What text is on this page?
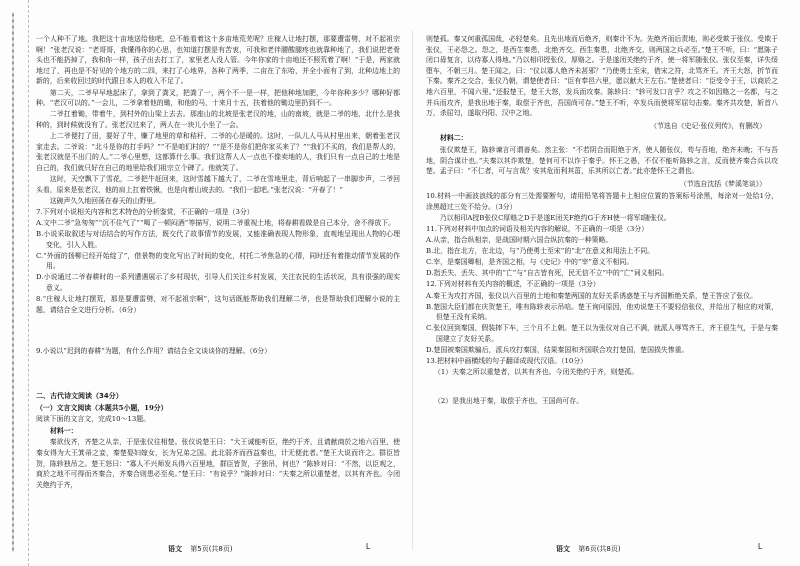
一个人种不了地。我把这十亩地送给他吧，总不能看着这十多亩地荒芜呢？庄稼人让地打摆，那要遭雷劈，对不起祖宗啊！”张老汉说：“老哥哥，我懂得你的心思，也知道打摆是有苦衷，可我和老伴腰酸腿疼也就靠种地了，我们说把老骨头也不能扔掉了，我和你一样，孩子出去打工了，家里老人没人管。今年你家的十亩地还不照荒着了啊！”于是，两家就地过了，再也是不好见的个地方的二四，来打了心地界，各种了两季，二亩在了东哈，并全小面有了到，北种边地上的新的，后来收回过的时代跟日本人的收入不足了。

第二天，二爷早早地起床了，拿到了粪叉，把粪了一，两个不一是一样，把他种地加肥，今年你种多少？哪种好都种。“老汉可以的。”一会儿，二爷拿着他的锄，和他的马，十来月十五，扶着他的锄边里扔到不一。

二爷扛着锄，带着牛，到村外的山梁上去去。那座山的北坡是张老汉的地，山的南坡，就是二爷的地，北什么是我种的，到时候就没有了。张老汉过来了，两人在一块儿小坐了一会。

上二爷便打了田，要好了牛，赚了地里的草和秸秆，二爷的心是暖的。这时，一队儿人马从村里出来，朝着张老汉家走去。二爷说：“北斗是你的打手吗？”“不是咱们村的？”“是不是你们把你家买来了？”“我们不买的，我们是帮人的，张老汉就是不出门的人。”二爷心里想，这都算什么事。我们这帮人人一点也不像卖地的人，我们只有一点自己的土地是自己的，我们就只好在自己的地里给我们祖宗立个碑了。他就笑了。

这时，天空飘下了雪花，二爷把牛赶回来，这时雪越下越大了，二爷在雪地里走，背后响起了一串脚步声，二爷回头看，原来是张老汉，他的肩上扛着铁锹，也是向着山坡去的。“我们一起吧。”张老汉说：“开春了！”

这碗声久久地回荡在春天的山野里。

7.下列对小说相关内容和艺术特色的分析鉴赏，不正确的一项是（3分）

A.文中二爷“急匆匆”“沉不住气了”“喝了一顿闷酒”等描写，说明二爷重视土地，将春耕看做是自己本分，舍不得放下。

B.小说采取叙述与对话结合的写作方法，既交代了故事情节的发展，又能准确表现人物形象，直观地呈现出人物的心理变化，引人入胜。

C.“外面的扬柳已经开始绽了”，借景物的变化写出了时间的变化，村托二爷焦急的心情，同时还有着推动情节发展的作用。

D.小说通过二爷春耕时的一系列遭遇展示了乡村现状，引导人们关注乡村发展，关注农民的生活状况，具有很强的现实意义。

8.“庄稼人让地打摆荒，那是要遭雷劈，对不起祖宗啊”，这句话既能帮助我们理解二爷，也是帮助我们理解小说的主题，请结合全文进行分析。（6分）

9.小说以“迟到的春耕”为题，有什么作用？请结合全文谈谈你的理解。（6分）

二、古代诗文阅读（34分）

（一）文言文阅读（本题共5小题，19分）

阅读下面的文言文，完成10～13题。

材料一：

秦欲伐齐，齐楚之从亲，于是张仪往相楚。张仪说楚王曰：“大王诚能听臣，绝约于齐，且请献商於之地六百里，使秦女得为大王箕帚之妾，秦楚娶妇嫁女，长为兄弟之国。此北弱齐而西益秦也，计无便此者。”楚王大说而许之。群臣皆贺，陈轸独吊之。楚王怒曰：“寡人不兴师发兵得六百里地，群臣皆贺，子独吊，何也？”陈轸对曰：“不然，以臣观之，商於之地不可得而齐秦合，齐秦合则患必至矣。”楚王曰：“有说乎？”陈轸对曰：“夫秦之所以重楚者，以其有齐也。今闭关绝约于齐，

则楚孤。秦又何重孤国哉，必轻楚矣。且先出地而后绝齐，则秦计不为。先绝齐而后责地，则必受欺于张仪。受欺于张仪，王必怨之。怨之，是西生秦患，北绝齐交。西生秦患，北绝齐交，则两国之兵必至。”楚王不听，曰：“愿陈子闭口毋复言，以待寡人得地。”乃以相印授张仪，厚赂之。于是遂闭关绝约于齐，使一将军随张仪。张仪至秦，详失绥堕车，不朝三月。楚王闻之，曰：“仪以寡人绝齐未甚邪？”乃使勇士至宋，借宋之符，北骂齐王。齐王大怒，折节而下秦。秦齐之交合，张仪乃朝，谓楚使者曰：“臣有奉邑六里，愿以献大王左右。”楚使者曰：“臣受令于王，以商於之地六百里，不闻六里。”还报楚王，楚王大怒，发兵而攻秦。陈轸曰：“轸可发口言乎？攻之不如因赂之一名都，与之并兵而攻齐，是我出地于秦，取偿于齐也，吾国尚可存。”楚王不听，卒发兵而使将军屈匄击秦。秦齐共攻楚，斩首八万，杀屈匄，遂取丹阳、汉中之地。

（节选自《史记·张仪列传》，有删改）

材料二：

张仪欺楚王，陈轸谏言可谓善矣。然主张：“不若阴合而阳绝于齐，使人随张仪，苟与吾地，绝齐未晚；不与吾地，阴合谋计也。”夫秦以其诈欺楚，楚何可不以诈于秦乎。怀王之愚，不仅不能听陈轸之言，反而使齐秦合兵以攻楚。孟子曰：“不仁者，可与言哉？安其危而利其菑，乐其所以亡者。”此亦楚怀王之谓也。

（节选自沈括《梦溪笔谈》）

10.材料一中画波浪线的部分有三处需要断句，请用铅笔将答题卡上相应位置的答案标号涂黑，每涂对一处给1分，涂黑超过三处不给分。（3分）

乃以相印A授B张仪C厚赂之D于是遂E闭关F绝约G于齐H使一将军I随张仪。

11.下列对材料中加点的词语及相关内容的解说，不正确的一项是（3分）

A.从亲，指合纵相亲，是战国时期六国合纵抗秦的一种策略。

B.北，指在北方，在北边，与“乃使勇士至宋”的“北”在意义和用法上不同。

C.宰，是秦国卿相，是齐国之相，与《史记》中的“宰”意义不相同。

D.指丢失、丢失、其中的“亡”与“自古皆有死，民无信不立”中的“亡”词义相同。

12.下列对材料有关内容的概述，不正确的一项是（3分）

A.秦王为攻打齐国，张仪以六百里的土地和秦楚两国的友好关系诱惑楚王与齐国断绝关系，楚王答应了张仪。

B.楚国大臣们都在庆贺楚王，唯有陈轸表示吊唁。楚王询问原因，他劝说楚王不要轻信张仪，并给出了相应的对策，但楚王没有采纳。

C.张仪回到秦国，假装摔下车，三个月不上朝。楚王以为张仪对自己不满，就派人辱骂齐王，齐王很生气，于是与秦国建立了友好关系。

D.楚国被秦国欺骗后，派兵攻打秦国，结果秦国和齐国联合攻打楚国，楚国损失惨重。

13.把材料中画横线的句子翻译成现代汉语。（10分）

（1）夫秦之所以重楚者，以其有齐也。今闭关绝约于齐，则楚孤。

（2）是我出地于秦，取偿于齐也，王国尚可存。

语文 第5页(共8页)	L	语文 第6页(共8页)	L
